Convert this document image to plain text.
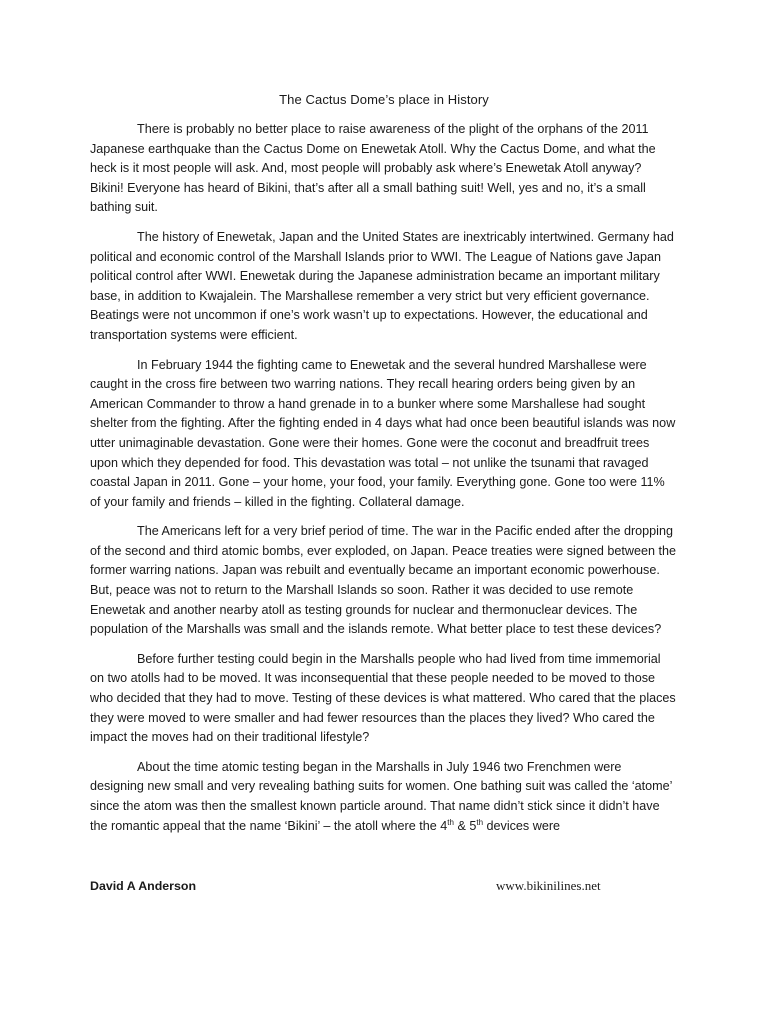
The Cactus Dome’s place in History

There is probably no better place to raise awareness of the plight of the orphans of the 2011 Japanese earthquake than the Cactus Dome on Enewetak Atoll. Why the Cactus Dome, and what the heck is it most people will ask. And, most people will probably ask where’s Enewetak Atoll anyway? Bikini! Everyone has heard of Bikini, that’s after all a small bathing suit! Well, yes and no, it’s a small bathing suit.

The history of Enewetak, Japan and the United States are inextricably intertwined. Germany had political and economic control of the Marshall Islands prior to WWI. The League of Nations gave Japan political control after WWI. Enewetak during the Japanese administration became an important military base, in addition to Kwajalein. The Marshallese remember a very strict but very efficient governance. Beatings were not uncommon if one’s work wasn’t up to expectations. However, the educational and transportation systems were efficient.

In February 1944 the fighting came to Enewetak and the several hundred Marshallese were caught in the cross fire between two warring nations. They recall hearing orders being given by an American Commander to throw a hand grenade in to a bunker where some Marshallese had sought shelter from the fighting. After the fighting ended in 4 days what had once been beautiful islands was now utter unimaginable devastation. Gone were their homes. Gone were the coconut and breadfruit trees upon which they depended for food. This devastation was total – not unlike the tsunami that ravaged coastal Japan in 2011. Gone – your home, your food, your family. Everything gone. Gone too were 11% of your family and friends – killed in the fighting. Collateral damage.

The Americans left for a very brief period of time. The war in the Pacific ended after the dropping of the second and third atomic bombs, ever exploded, on Japan. Peace treaties were signed between the former warring nations. Japan was rebuilt and eventually became an important economic powerhouse. But, peace was not to return to the Marshall Islands so soon. Rather it was decided to use remote Enewetak and another nearby atoll as testing grounds for nuclear and thermonuclear devices. The population of the Marshalls was small and the islands remote. What better place to test these devices?

Before further testing could begin in the Marshalls people who had lived from time immemorial on two atolls had to be moved. It was inconsequential that these people needed to be moved to those who decided that they had to move. Testing of these devices is what mattered. Who cared that the places they were moved to were smaller and had fewer resources than the places they lived? Who cared the impact the moves had on their traditional lifestyle?

About the time atomic testing began in the Marshalls in July 1946 two Frenchmen were designing new small and very revealing bathing suits for women. One bathing suit was called the ‘atome’ since the atom was then the smallest known particle around. That name didn’t stick since it didn’t have the romantic appeal that the name ‘Bikini’ – the atoll where the 4th & 5th devices were

David A Anderson	www.bikinilines.net
